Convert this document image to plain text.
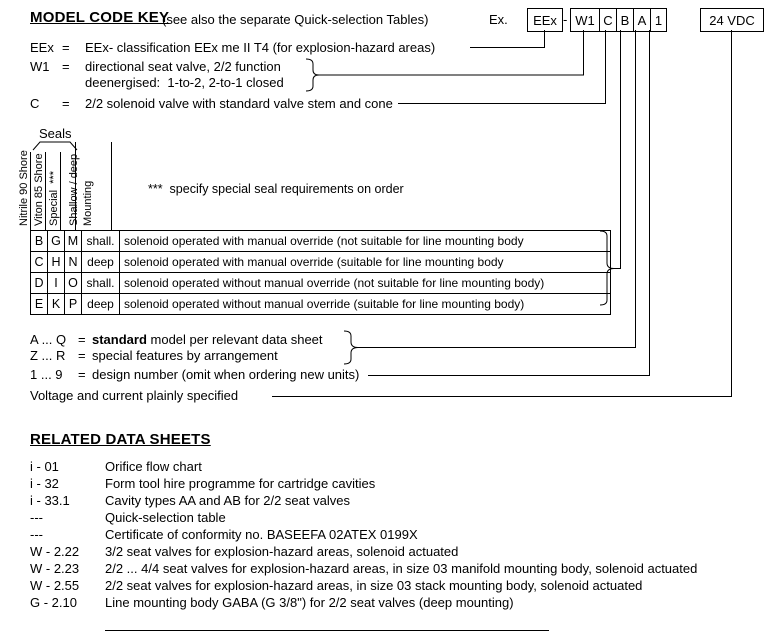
MODEL CODE KEY
(see also the separate Quick-selection Tables)	Ex.	EEx - W1 C B A 1	24 VDC
EEx = EEx- classification EEx me II T4 (for explosion-hazard areas)
W1 = directional seat valve, 2/2 function
deenergised:  1-to-2, 2-to-1 closed
C = 2/2 solenoid valve with standard valve stem and cone
Seals
Nitrile 90 Shore Viton 85 Shore Special  *** Shallow / deep Mounting	***  specify special seal requirements on order
B G M shall. solenoid operated with manual override (not suitable for line mounting body
C H N deep solenoid operated with manual override (suitable for line mounting body
D I O shall. solenoid operated without manual override (not suitable for line mounting body)
E K P deep solenoid operated without manual override (suitable for line mounting body)
A ... Q = standard model per relevant data sheet
Z ... R = special features by arrangement
1 ... 9 = design number (omit when ordering new units)
Voltage and current plainly specified
RELATED DATA SHEETS
i - 01	Orifice flow chart
i - 32	Form tool hire programme for cartridge cavities
i - 33.1	Cavity types AA and AB for 2/2 seat valves
---	Quick-selection table
---	Certificate of conformity no. BASEEFA 02ATEX 0199X
W - 2.22 3/2 seat valves for explosion-hazard areas, solenoid actuated
W - 2.23 2/2 ... 4/4 seat valves for explosion-hazard areas, in size 03 manifold mounting body, solenoid actuated
W - 2.55 2/2 seat valves for explosion-hazard areas, in size 03 stack mounting body, solenoid actuated
G - 2.10 Line mounting body GABA (G 3/8") for 2/2 seat valves (deep mounting)
